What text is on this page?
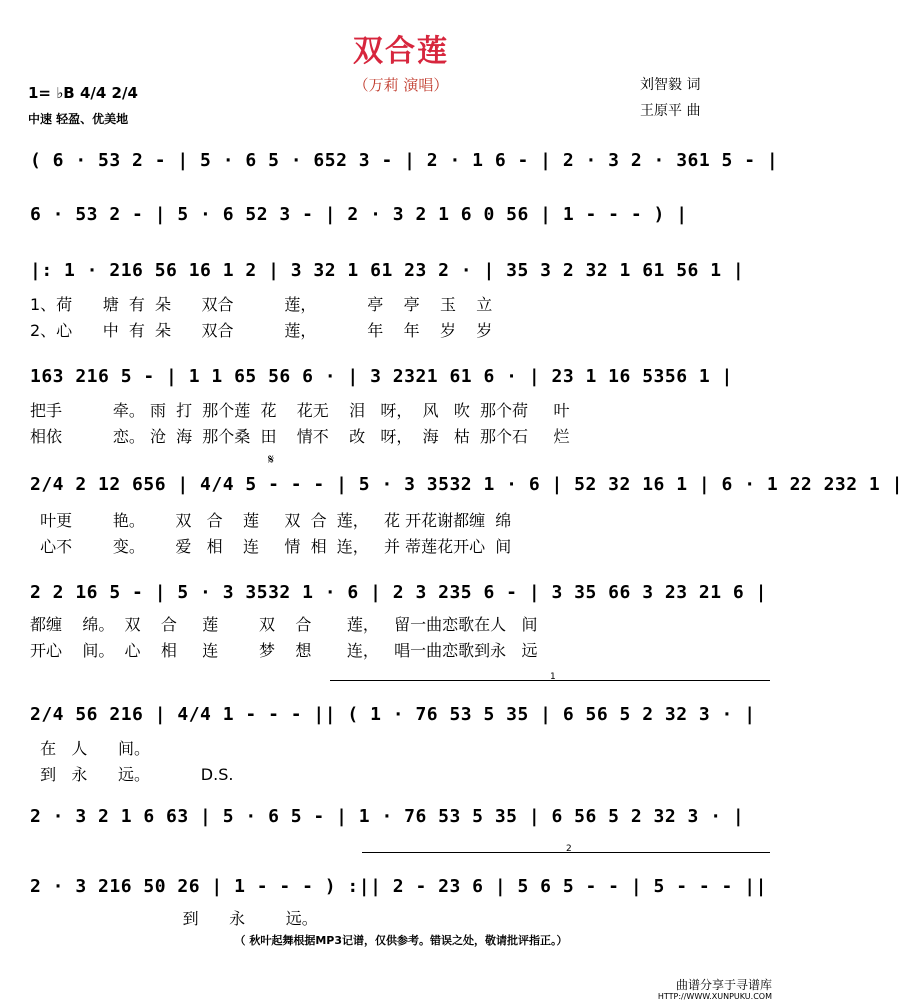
双合莲
（万莉 演唱）	刘智毅 词
王原平 曲
1= ♭B 4/4 2/4
中速 轻盈、优美地
( 6 · 53 2 - | 5 · 6 5 · 652 3 - | 2 · 1 6 - | 2 · 3 2 · 361 5 - |
6 · 53 2 - | 5 · 6 52 3 - | 2 · 3 2 1 6 0 56 | 1 - - - ) |
|: 1 · 216 56 16 1 2 | 3 32 1 61 23 2 · | 35 3 2 32 1 61 56 1 |
1、荷      塘  有  朵      双合          莲，          亭    亭    玉    立
2、心      中  有  朵      双合          莲，          年    年    岁    岁
163 216 5 - | 1 1 65 56 6 · | 3 2321 61 6 · | 23 1 16 5356 1 |
把手          牵。 雨  打  那个莲  花    花无    泪   呀，  风   吹  那个荷     叶
相依          恋。 沧  海  那个桑  田    情不    改   呀，  海   枯  那个石     烂
𝄋
2/4 2 12 656 | 4/4 5 - - - | 5 · 3 3532 1 · 6 | 52 32 16 1 | 6 · 1 22 232 1 |
叶更        艳。      双   合    莲     双  合  莲，   花 开花谢都缠  绵
心不        变。      爱   相    连     情  相  连，   并 蒂莲花开心  间
2 2 16 5 - | 5 · 3 3532 1 · 6 | 2 3 235 6 - | 3 35 66 3 23 21 6 |
都缠    绵。  双    合     莲        双    合       莲，   留一曲恋歌在人   间
开心    间。  心    相     连        梦    想       连，   唱一曲恋歌到永   远
1
2/4 56 216 | 4/4 1 - - - || ( 1 · 76 53 5 35 | 6 56 5 2 32 3 · |
在   人      间。
到   永      远。          D.S.
2 · 3 2 1 6 63 | 5 · 6 5 - | 1 · 76 53 5 35 | 6 56 5 2 32 3 · |
2
2 · 3 216 50 26 | 1 - - - ) :|| 2 - 23 6 | 5 6 5 - - | 5 - - - ||
到      永        远。
（ 秋叶起舞根据MP3记谱，仅供参考。错误之处，敬请批评指正。）
曲谱分享于寻谱库
HTTP://WWW.XUNPUKU.COM
